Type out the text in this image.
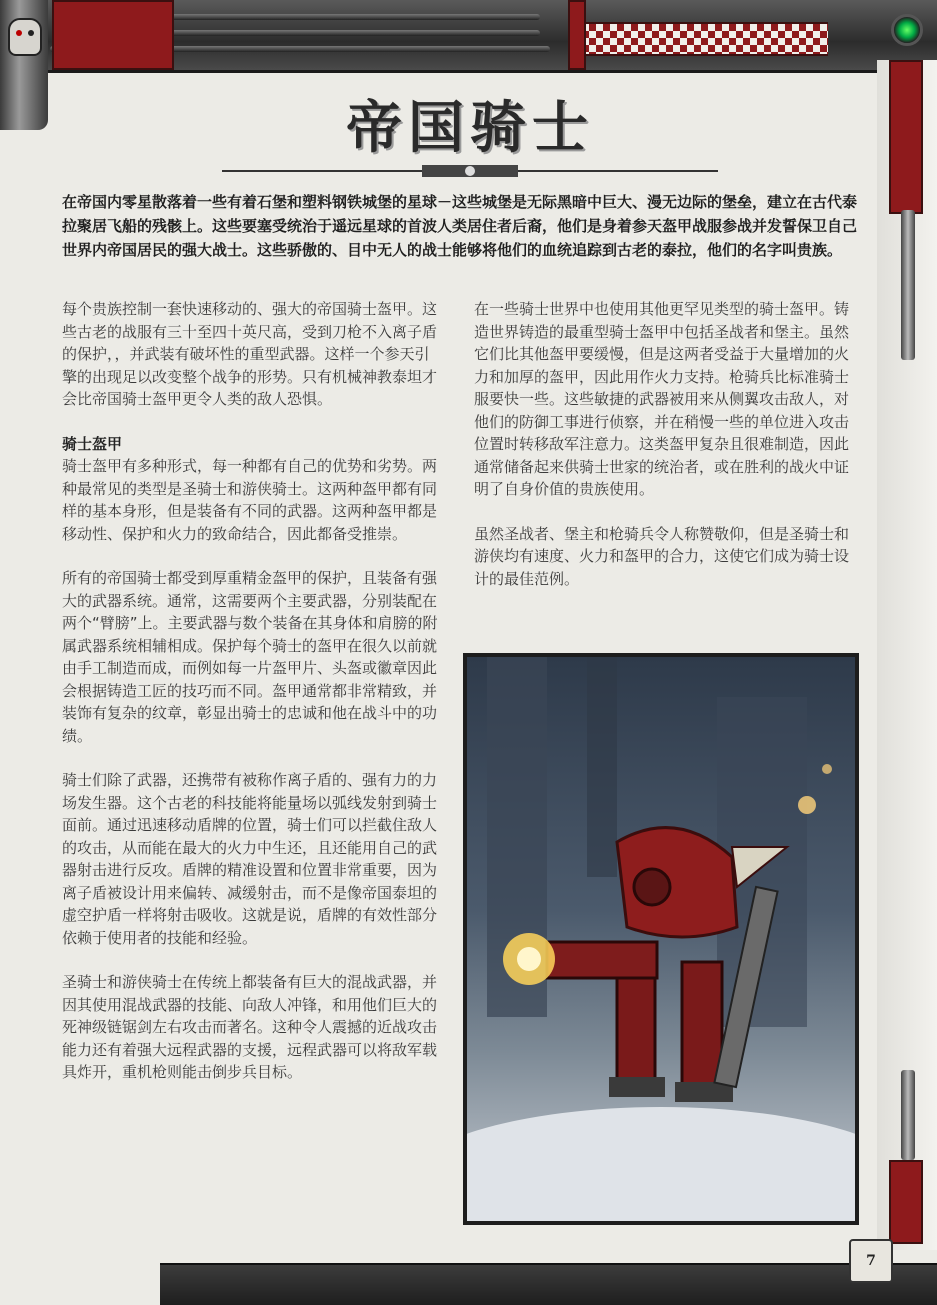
7
帝国骑士
在帝国内零星散落着一些有着石堡和塑料钢铁城堡的星球－这些城堡是无际黑暗中巨大、漫无边际的堡垒，建立在古代泰拉聚居飞船的残骸上。这些要塞受统治于遥远星球的首波人类居住者后裔，他们是身着参天盔甲战服参战并发誓保卫自己世界内帝国居民的强大战士。这些骄傲的、目中无人的战士能够将他们的血统追踪到古老的泰拉，他们的名字叫贵族。

每个贵族控制一套快速移动的、强大的帝国骑士盔甲。这些古老的战服有三十至四十英尺高，受到刀枪不入离子盾的保护，，并武装有破坏性的重型武器。这样一个参天引擎的出现足以改变整个战争的形势。只有机械神教泰坦才会比帝国骑士盔甲更令人类的敌人恐惧。

骑士盔甲

骑士盔甲有多种形式，每一种都有自己的优势和劣势。两种最常见的类型是圣骑士和游侠骑士。这两种盔甲都有同样的基本身形，但是装备有不同的武器。这两种盔甲都是移动性、保护和火力的致命结合，因此都备受推崇。

所有的帝国骑士都受到厚重精金盔甲的保护，且装备有强大的武器系统。通常，这需要两个主要武器，分别装配在两个“臂膀”上。主要武器与数个装备在其身体和肩膀的附属武器系统相辅相成。保护每个骑士的盔甲在很久以前就由手工制造而成，而例如每一片盔甲片、头盔或徽章因此会根据铸造工匠的技巧而不同。盔甲通常都非常精致，并装饰有复杂的纹章，彰显出骑士的忠诚和他在战斗中的功绩。

骑士们除了武器，还携带有被称作离子盾的、强有力的力场发生器。这个古老的科技能将能量场以弧线发射到骑士面前。通过迅速移动盾牌的位置，骑士们可以拦截住敌人的攻击，从而能在最大的火力中生还，且还能用自己的武器射击进行反攻。盾牌的精准设置和位置非常重要，因为离子盾被设计用来偏转、减缓射击，而不是像帝国泰坦的虚空护盾一样将射击吸收。这就是说，盾牌的有效性部分依赖于使用者的技能和经验。

圣骑士和游侠骑士在传统上都装备有巨大的混战武器，并因其使用混战武器的技能、向敌人冲锋，和用他们巨大的死神级链锯剑左右攻击而著名。这种令人震撼的近战攻击能力还有着强大远程武器的支援，远程武器可以将敌军载具炸开，重机枪则能击倒步兵目标。

在一些骑士世界中也使用其他更罕见类型的骑士盔甲。铸造世界铸造的最重型骑士盔甲中包括圣战者和堡主。虽然它们比其他盔甲要缓慢，但是这两者受益于大量增加的火力和加厚的盔甲，因此用作火力支持。枪骑兵比标准骑士服要快一些。这些敏捷的武器被用来从侧翼攻击敌人，对他们的防御工事进行侦察，并在稍慢一些的单位进入攻击位置时转移敌军注意力。这类盔甲复杂且很难制造，因此通常储备起来供骑士世家的统治者，或在胜利的战火中证明了自身价值的贵族使用。

虽然圣战者、堡主和枪骑兵令人称赞敬仰，但是圣骑士和游侠均有速度、火力和盔甲的合力，这使它们成为骑士设计的最佳范例。
